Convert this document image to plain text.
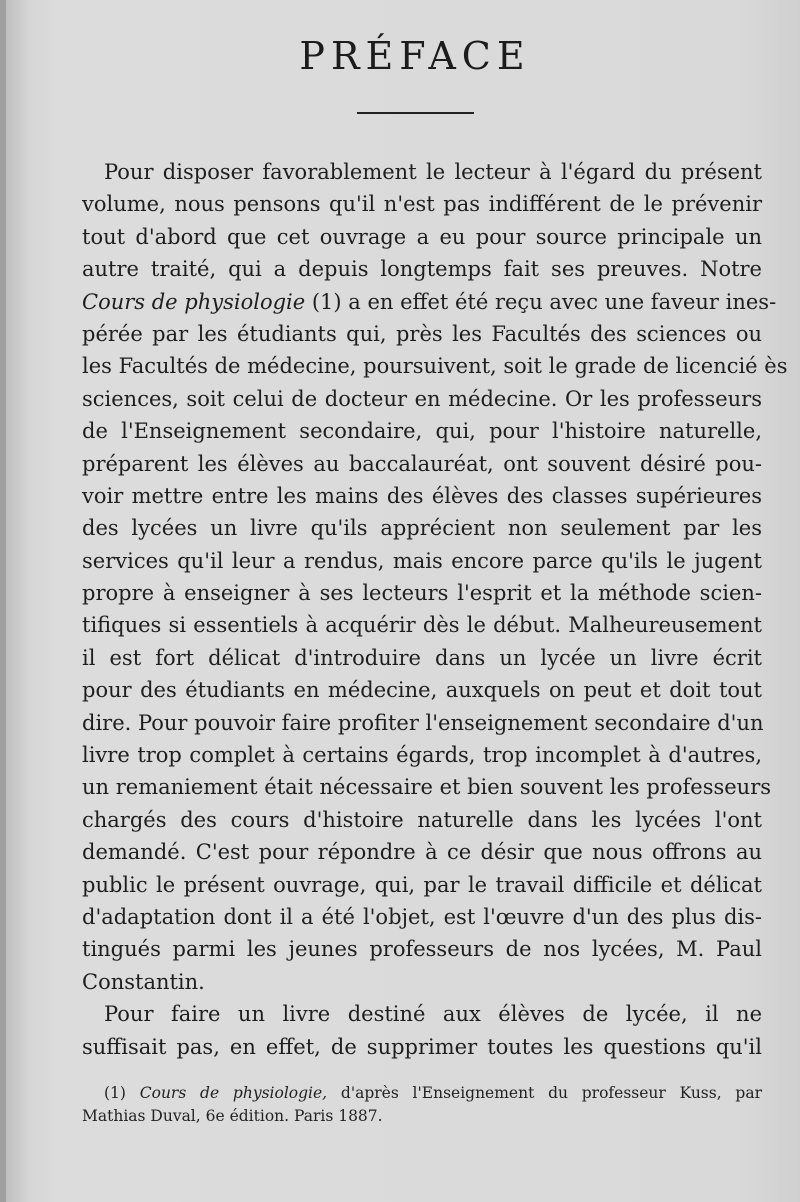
PRÉFACE
Pour disposer favorablement le lecteur à l'égard du présent
volume, nous pensons qu'il n'est pas indifférent de le prévenir
tout d'abord que cet ouvrage a eu pour source principale un
autre traité, qui a depuis longtemps fait ses preuves. Notre
Cours de physiologie (1) a en effet été reçu avec une faveur ines-
pérée par les étudiants qui, près les Facultés des sciences ou
les Facultés de médecine, poursuivent, soit le grade de licencié ès
sciences, soit celui de docteur en médecine. Or les professeurs
de l'Enseignement secondaire, qui, pour l'histoire naturelle,
préparent les élèves au baccalauréat, ont souvent désiré pou-
voir mettre entre les mains des élèves des classes supérieures
des lycées un livre qu'ils apprécient non seulement par les
services qu'il leur a rendus, mais encore parce qu'ils le jugent
propre à enseigner à ses lecteurs l'esprit et la méthode scien-
tifiques si essentiels à acquérir dès le début. Malheureusement
il est fort délicat d'introduire dans un lycée un livre écrit
pour des étudiants en médecine, auxquels on peut et doit tout
dire. Pour pouvoir faire profiter l'enseignement secondaire d'un
livre trop complet à certains égards, trop incomplet à d'autres,
un remaniement était nécessaire et bien souvent les professeurs
chargés des cours d'histoire naturelle dans les lycées l'ont
demandé. C'est pour répondre à ce désir que nous offrons au
public le présent ouvrage, qui, par le travail difficile et délicat
d'adaptation dont il a été l'objet, est l'œuvre d'un des plus dis-
tingués parmi les jeunes professeurs de nos lycées, M. Paul
Constantin.
Pour faire un livre destiné aux élèves de lycée, il ne
suffisait pas, en effet, de supprimer toutes les questions qu'il
(1) Cours de physiologie, d'après l'Enseignement du professeur Kuss, par
Mathias Duval, 6e édition. Paris 1887.
